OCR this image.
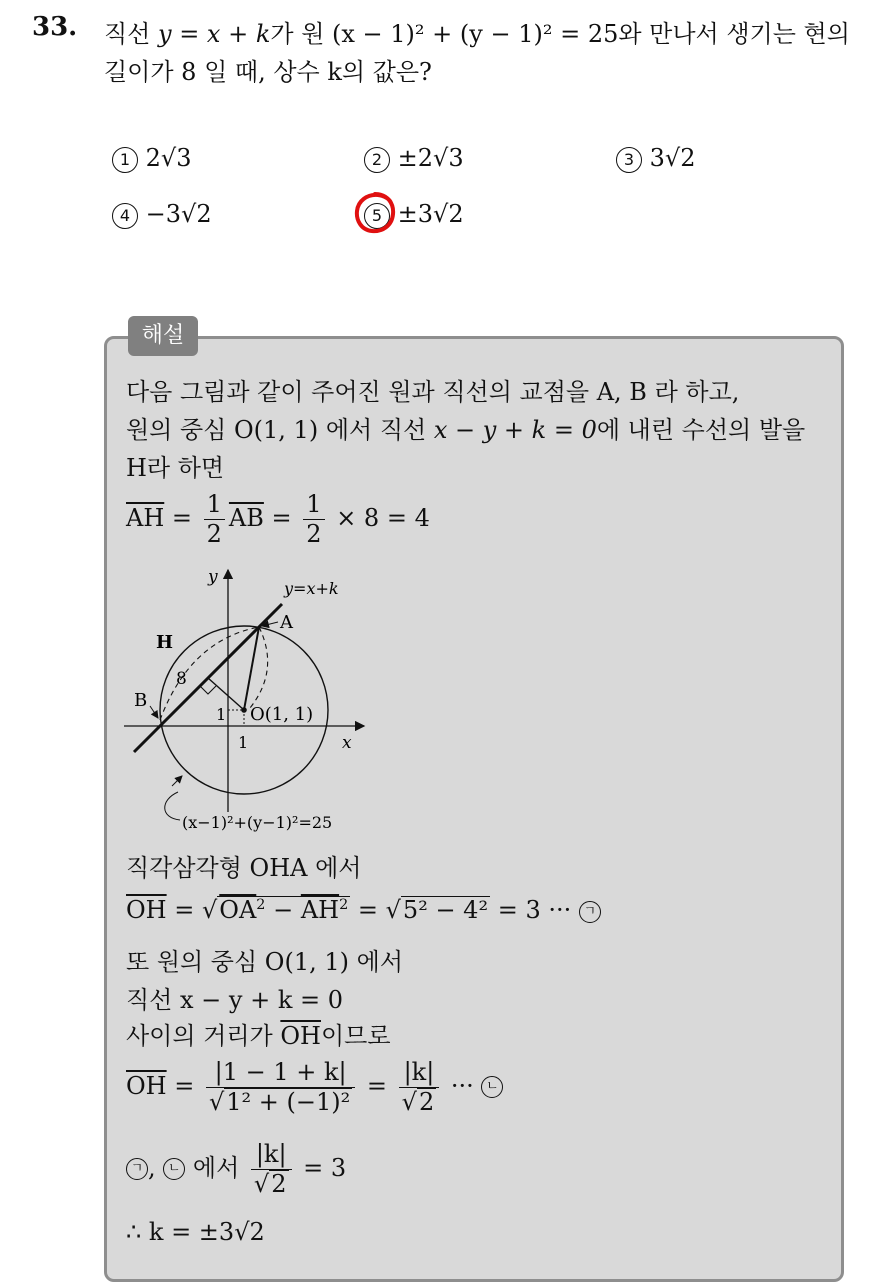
33. 직선 y = x + k가 원 (x − 1)² + (y − 1)² = 25와 만나서 생기는 현의
길이가 8 일 때, 상수 k의 값은?
1 2√3	2 ±2√3	3 3√2
4 −3√2	5 ±3√2
해설
다음 그림과 같이 주어진 원과 직선의 교점을 A, B 라 하고,
원의 중심 O(1, 1) 에서 직선 x − y + k = 0에 내린 수선의 발을
H라 하면
$\overline{AH} = \frac{1}{2} \overline{AB} = \frac{1}{2} \times 8 = 4$
y
y=x+k
A
H
8
B
1 O(1, 1)
1	x
(x−1)²+(y−1)²=25
직각삼각형 OHA 에서
$\overline{OH} = √OA^2 - \overline{AH}^2 = √5^2 - 4^2 = 3$ ··· ㄱ
또 원의 중심 O(1, 1) 에서
직선 x − y + k = 0
사이의 거리가 $\overline{OH}$이므로
$\overline{OH} = \frac{|1 - 1 + k|}{\text{√1² + (−1)²}} = \frac{|k|}{√2}$ ··· ㄴ
ㄱ , ㄴ 에서 $\frac{|k|}{√2} = 3$
∴ k = ±3√2
